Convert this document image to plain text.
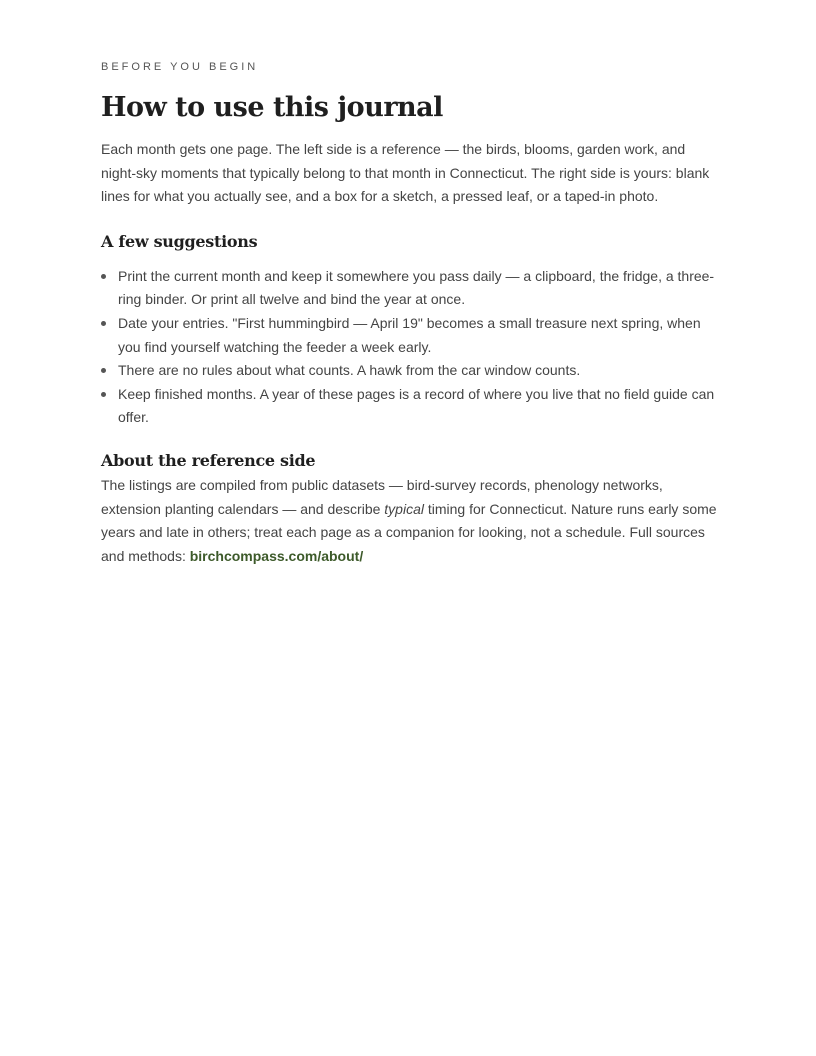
BEFORE YOU BEGIN

How to use this journal

Each month gets one page. The left side is a reference — the birds, blooms, garden work, and night-sky moments that typically belong to that month in Connecticut. The right side is yours: blank lines for what you actually see, and a box for a sketch, a pressed leaf, or a taped-in photo.

A few suggestions
Print the current month and keep it somewhere you pass daily — a clipboard, the fridge, a three-ring binder. Or print all twelve and bind the year at once.
Date your entries. "First hummingbird — April 19" becomes a small treasure next spring, when you find yourself watching the feeder a week early.
There are no rules about what counts. A hawk from the car window counts.
Keep finished months. A year of these pages is a record of where you live that no field guide can offer.
About the reference side

The listings are compiled from public datasets — bird-survey records, phenology networks, extension planting calendars — and describe typical timing for Connecticut. Nature runs early some years and late in others; treat each page as a companion for looking, not a schedule. Full sources and methods: birchcompass.com/about/
